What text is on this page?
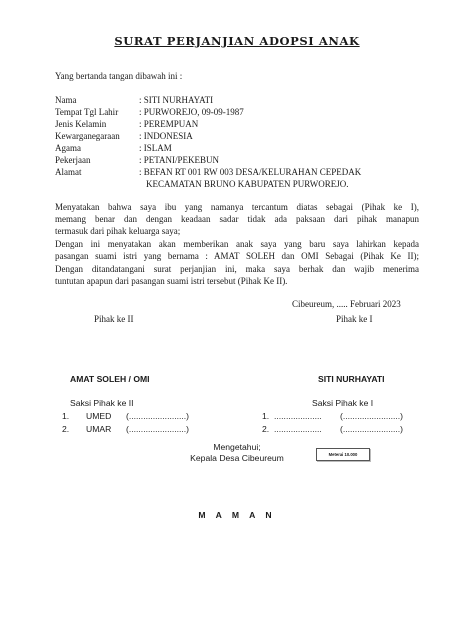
SURAT PERJANJIAN ADOPSI ANAK
Yang bertanda tangan dibawah ini :
Nama	: SITI NURHAYATI
Tempat Tgl Lahir : PURWOREJO, 09-09-1987
Jenis Kelamin	: PEREMPUAN
Kewarganegaraan : INDONESIA
Agama	: ISLAM
Pekerjaan	: PETANI/PEKEBUN
Alamat	: BEFAN RT 001 RW 003 DESA/KELURAHAN CEPEDAK
KECAMATAN BRUNO KABUPATEN PURWOREJO.
Menyatakan bahwa saya ibu yang namanya tercantum diatas sebagai (Pihak ke I),
memang benar dan dengan keadaan sadar tidak ada paksaan dari pihak manapun
termasuk dari pihak keluarga saya;
Dengan ini menyatakan akan memberikan anak saya yang baru saya lahirkan kepada
pasangan suami istri yang bernama : AMAT SOLEH dan OMI Sebagai (Pihak Ke II);
Dengan ditandatangani surat perjanjian ini, maka saya berhak dan wajib menerima
tuntutan apapun dari pasangan suami istri tersebut (Pihak Ke II).
Cibeureum, ..... Februari 2023
Pihak ke II	Pihak ke I
Meterai 10.000
AMAT SOLEH / OMI	SITI NURHAYATI
Saksi Pihak ke II	Saksi Pihak ke I
1. UMED (........................)
2. UMAR (........................)
1. .................... (........................)
2. .................... (........................)
Mengetahui;
Kepala Desa Cibeureum
M A M A N
